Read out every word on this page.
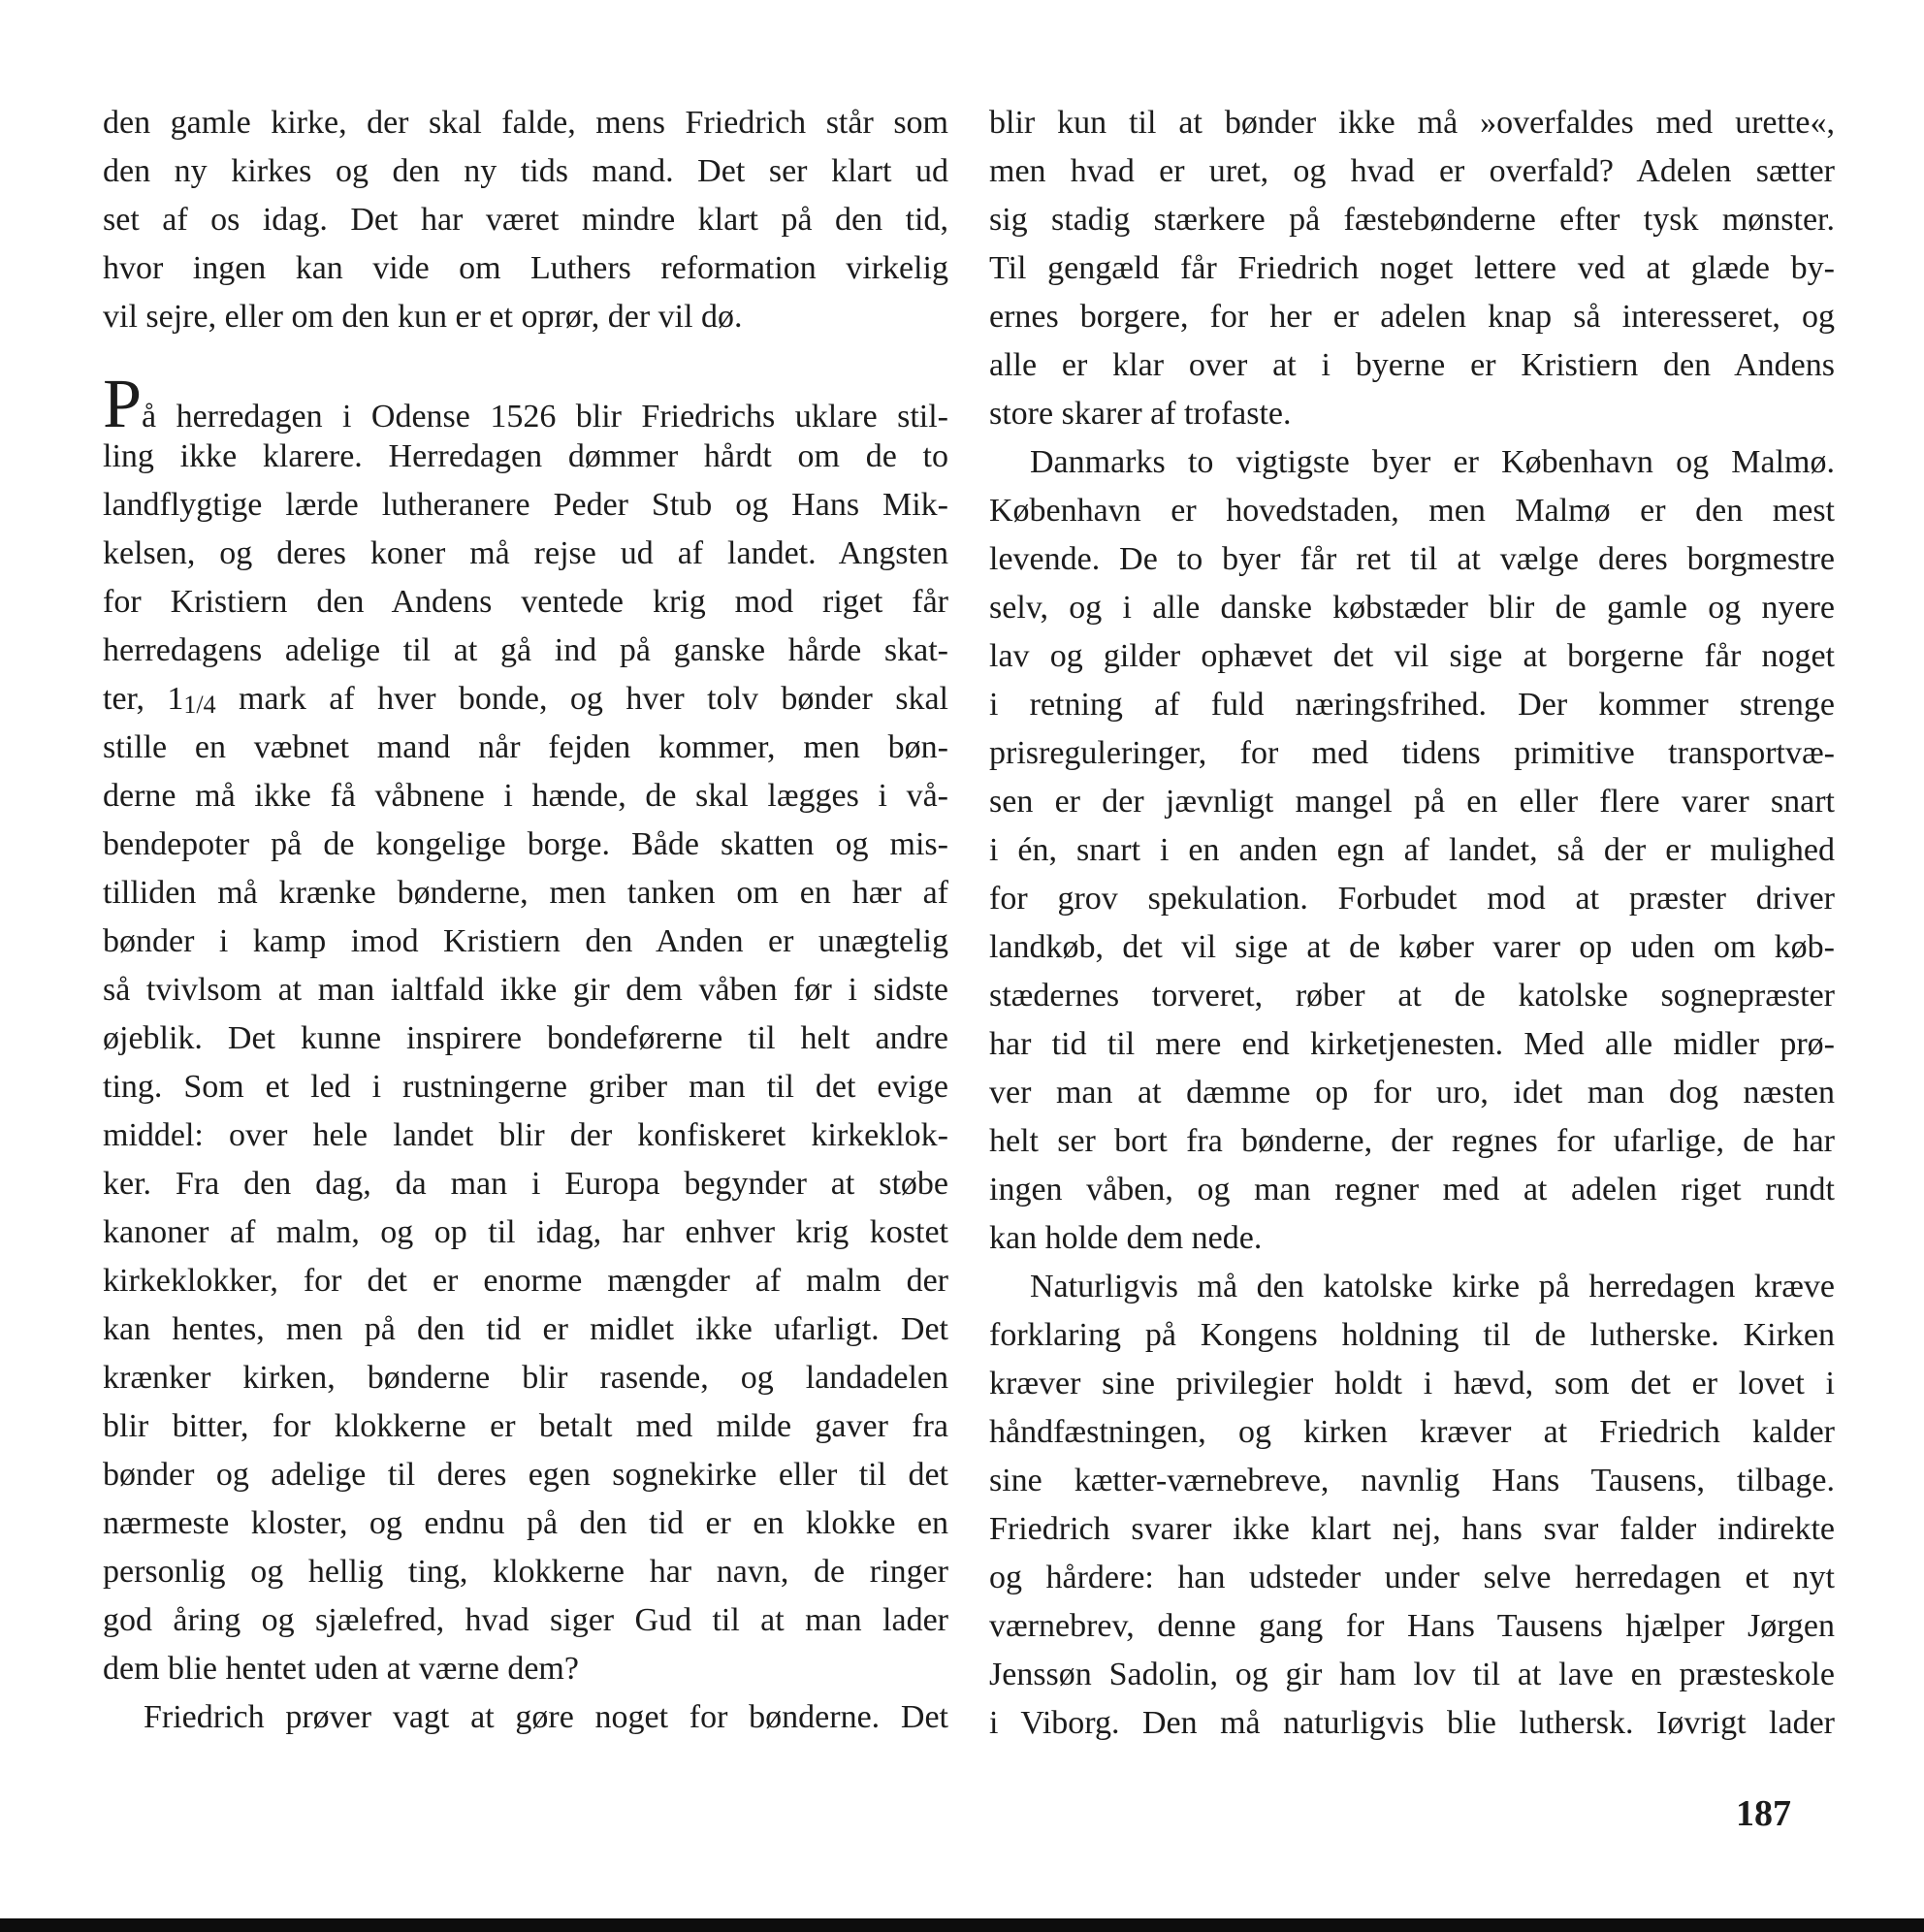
den gamle kirke, der skal falde, mens Friedrich står som
den ny kirkes og den ny tids mand. Det ser klart ud
set af os idag. Det har været mindre klart på den tid,
hvor ingen kan vide om Luthers reformation virkelig
vil sejre, eller om den kun er et oprør, der vil dø.
På herredagen i Odense 1526 blir Friedrichs uklare stil-
ling ikke klarere. Herredagen dømmer hårdt om de to
landflygtige lærde lutheranere Peder Stub og Hans Mik-
kelsen, og deres koner må rejse ud af landet. Angsten
for Kristiern den Andens ventede krig mod riget får
herredagens adelige til at gå ind på ganske hårde skat-
ter, 11/4 mark af hver bonde, og hver tolv bønder skal
stille en væbnet mand når fejden kommer, men bøn-
derne må ikke få våbnene i hænde, de skal lægges i vå-
bendepoter på de kongelige borge. Både skatten og mis-
tilliden må krænke bønderne, men tanken om en hær af
bønder i kamp imod Kristiern den Anden er unægtelig
så tvivlsom at man ialtfald ikke gir dem våben før i sidste
øjeblik. Det kunne inspirere bondeførerne til helt andre
ting. Som et led i rustningerne griber man til det evige
middel: over hele landet blir der konfiskeret kirkeklok-
ker. Fra den dag, da man i Europa begynder at støbe
kanoner af malm, og op til idag, har enhver krig kostet
kirkeklokker, for det er enorme mængder af malm der
kan hentes, men på den tid er midlet ikke ufarligt. Det
krænker kirken, bønderne blir rasende, og landadelen
blir bitter, for klokkerne er betalt med milde gaver fra
bønder og adelige til deres egen sognekirke eller til det
nærmeste kloster, og endnu på den tid er en klokke en
personlig og hellig ting, klokkerne har navn, de ringer
god åring og sjælefred, hvad siger Gud til at man lader
dem blie hentet uden at værne dem?
Friedrich prøver vagt at gøre noget for bønderne. Det
blir kun til at bønder ikke må »overfaldes med urette«,
men hvad er uret, og hvad er overfald? Adelen sætter
sig stadig stærkere på fæstebønderne efter tysk mønster.
Til gengæld får Friedrich noget lettere ved at glæde by-
ernes borgere, for her er adelen knap så interesseret, og
alle er klar over at i byerne er Kristiern den Andens
store skarer af trofaste.
Danmarks to vigtigste byer er København og Malmø.
København er hovedstaden, men Malmø er den mest
levende. De to byer får ret til at vælge deres borgmestre
selv, og i alle danske købstæder blir de gamle og nyere
lav og gilder ophævet det vil sige at borgerne får noget
i retning af fuld næringsfrihed. Der kommer strenge
prisreguleringer, for med tidens primitive transportvæ-
sen er der jævnligt mangel på en eller flere varer snart
i én, snart i en anden egn af landet, så der er mulighed
for grov spekulation. Forbudet mod at præster driver
landkøb, det vil sige at de køber varer op uden om køb-
stædernes torveret, røber at de katolske sognepræster
har tid til mere end kirketjenesten. Med alle midler prø-
ver man at dæmme op for uro, idet man dog næsten
helt ser bort fra bønderne, der regnes for ufarlige, de har
ingen våben, og man regner med at adelen riget rundt
kan holde dem nede.
Naturligvis må den katolske kirke på herredagen kræve
forklaring på Kongens holdning til de lutherske. Kirken
kræver sine privilegier holdt i hævd, som det er lovet i
håndfæstningen, og kirken kræver at Friedrich kalder
sine kætter-værnebreve, navnlig Hans Tausens, tilbage.
Friedrich svarer ikke klart nej, hans svar falder indirekte
og hårdere: han udsteder under selve herredagen et nyt
værnebrev, denne gang for Hans Tausens hjælper Jørgen
Jenssøn Sadolin, og gir ham lov til at lave en præsteskole
i Viborg. Den må naturligvis blie luthersk. Iøvrigt lader
187
